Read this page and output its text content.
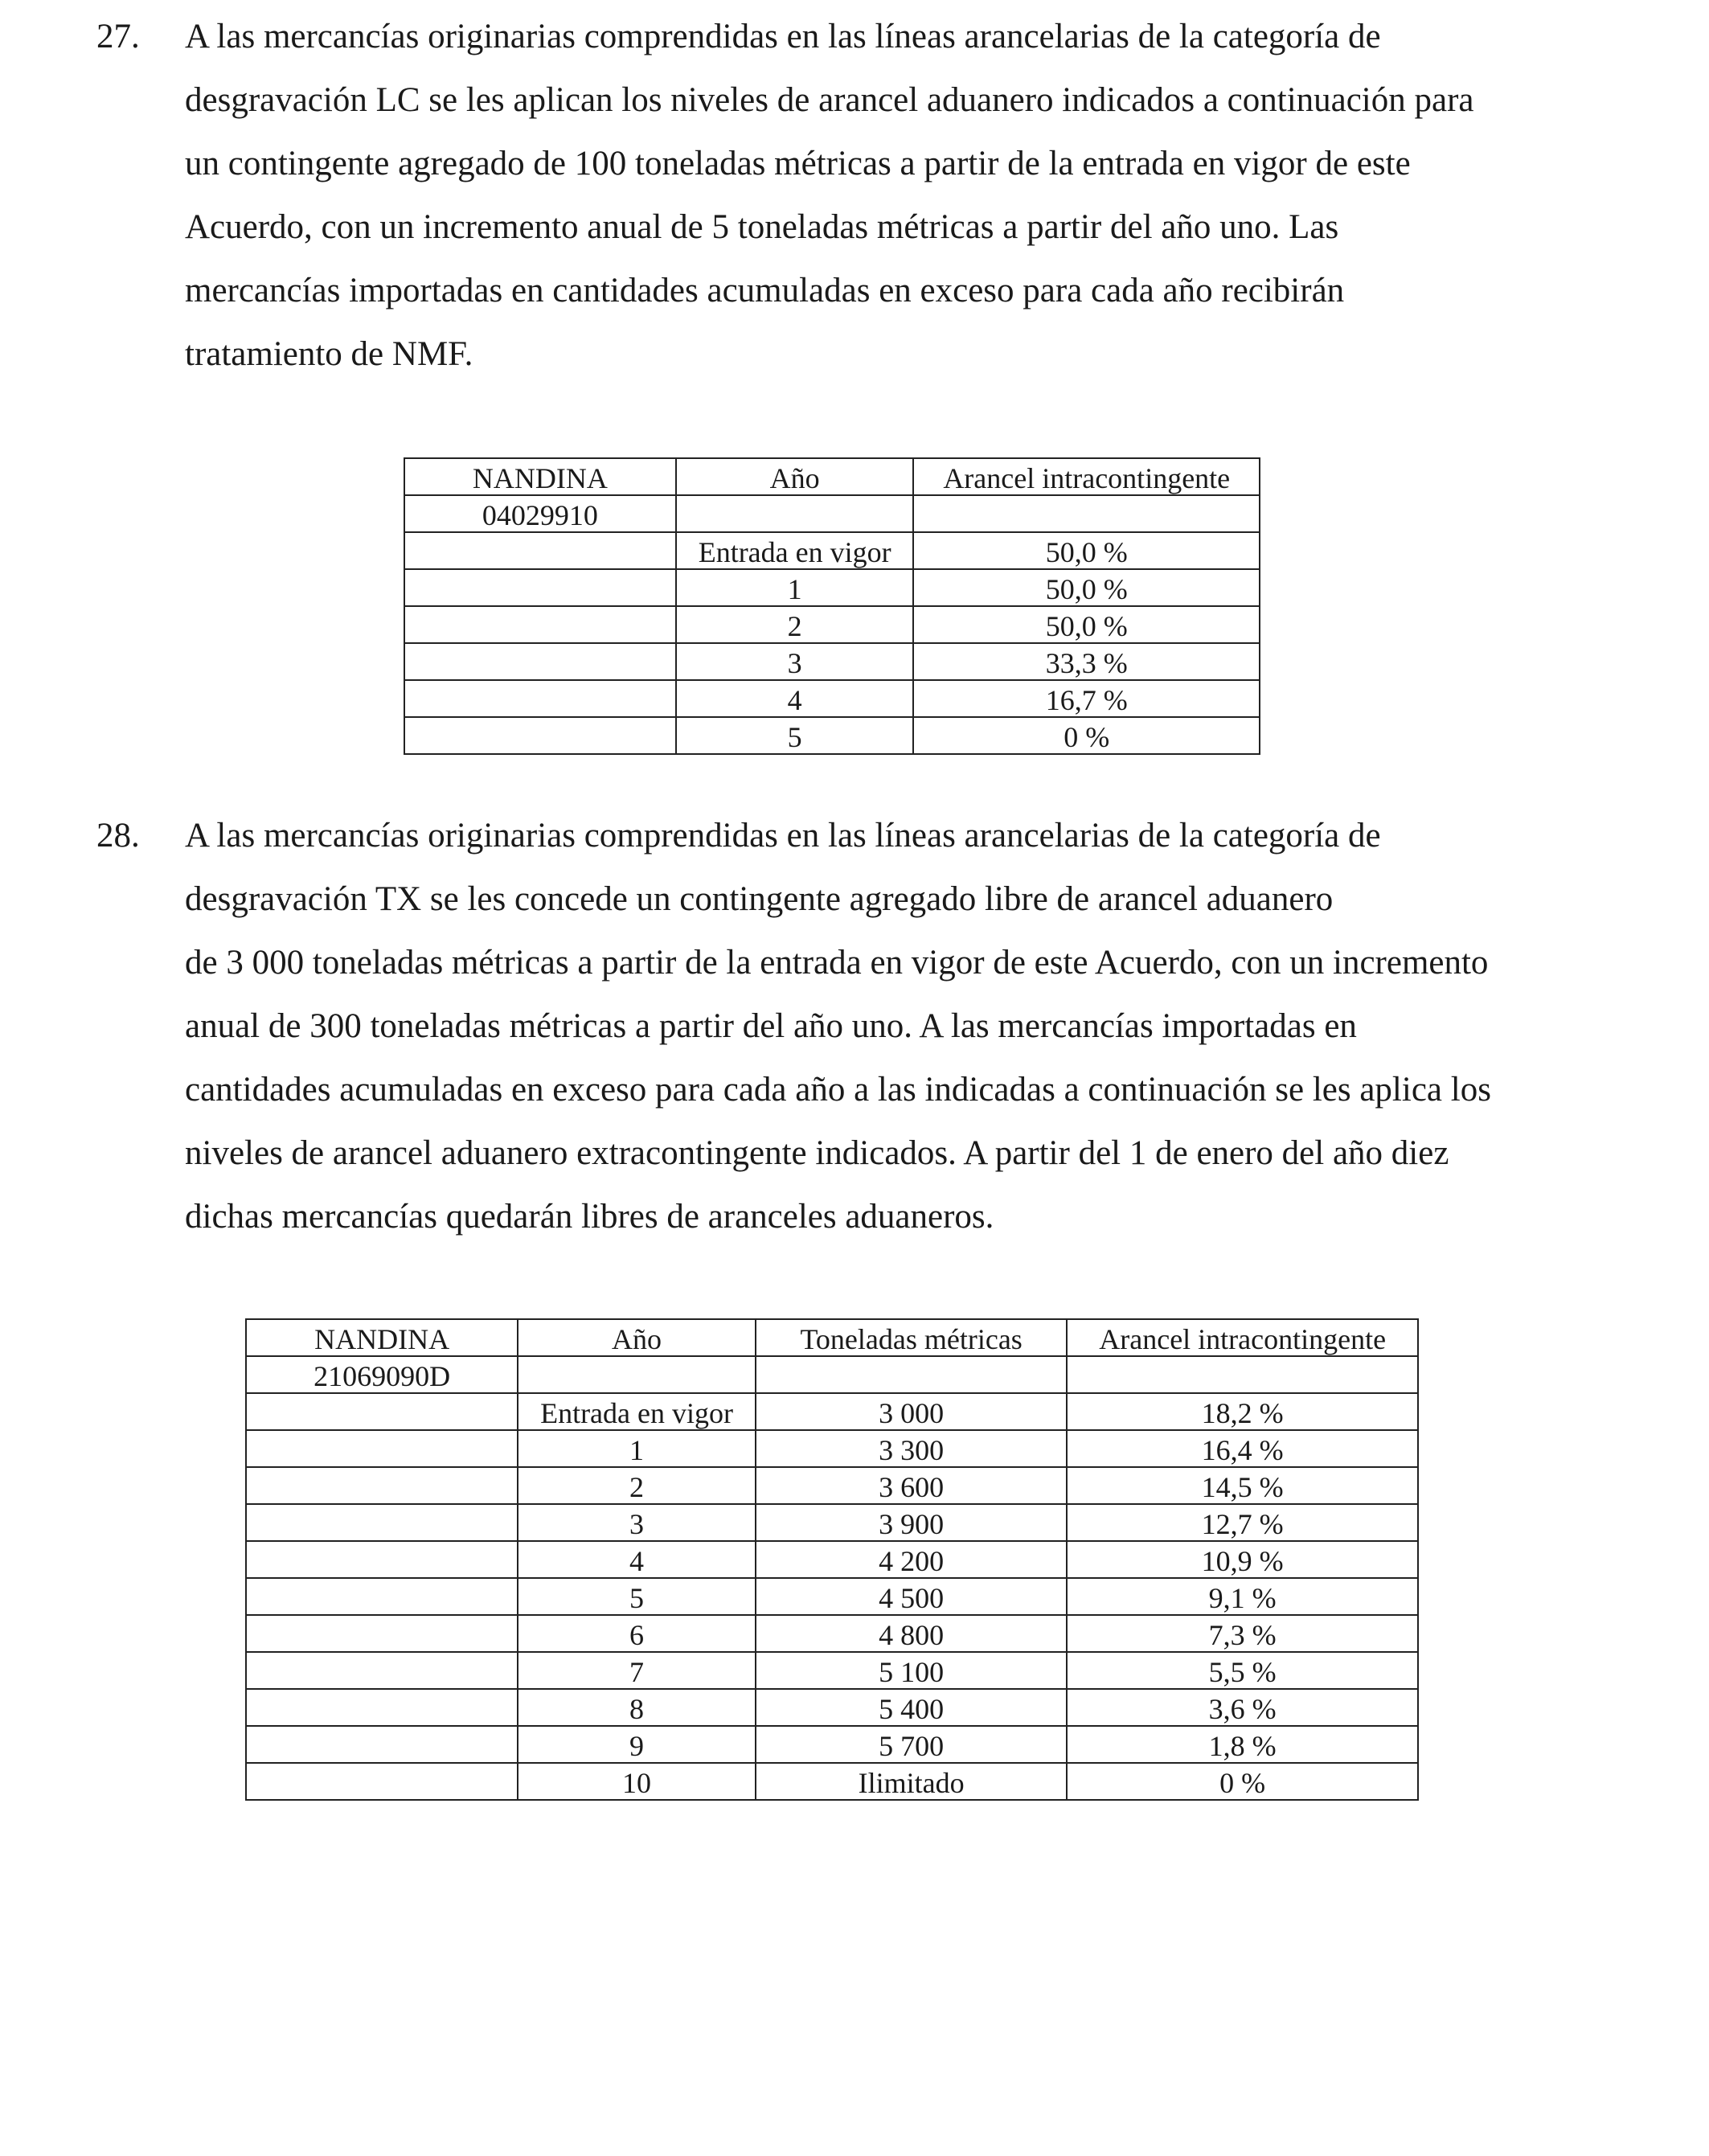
27. A las mercancías originarias comprendidas en las líneas arancelarias de la categoría de
desgravación LC se les aplican los niveles de arancel aduanero indicados a continuación para
un contingente agregado de 100 toneladas métricas a partir de la entrada en vigor de este
Acuerdo, con un incremento anual de 5 toneladas métricas a partir del año uno. Las
mercancías importadas en cantidades acumuladas en exceso para cada año recibirán
tratamiento de NMF.
NANDINA	Año	Arancel intracontingente
04029910		
	Entrada en vigor	50,0 %
	1	50,0 %
	2	50,0 %
	3	33,3 %
	4	16,7 %
	5	0 %
28. A las mercancías originarias comprendidas en las líneas arancelarias de la categoría de
desgravación TX se les concede un contingente agregado libre de arancel aduanero
de 3 000 toneladas métricas a partir de la entrada en vigor de este Acuerdo, con un incremento
anual de 300 toneladas métricas a partir del año uno. A las mercancías importadas en
cantidades acumuladas en exceso para cada año a las indicadas a continuación se les aplica los
niveles de arancel aduanero extracontingente indicados. A partir del 1 de enero del año diez
dichas mercancías quedarán libres de aranceles aduaneros.
NANDINA	Año	Toneladas métricas	Arancel intracontingente
21069090D			
	Entrada en vigor	3 000	18,2 %
	1	3 300	16,4 %
	2	3 600	14,5 %
	3	3 900	12,7 %
	4	4 200	10,9 %
	5	4 500	9,1 %
	6	4 800	7,3 %
	7	5 100	5,5 %
	8	5 400	3,6 %
	9	5 700	1,8 %
	10	Ilimitado	0 %
